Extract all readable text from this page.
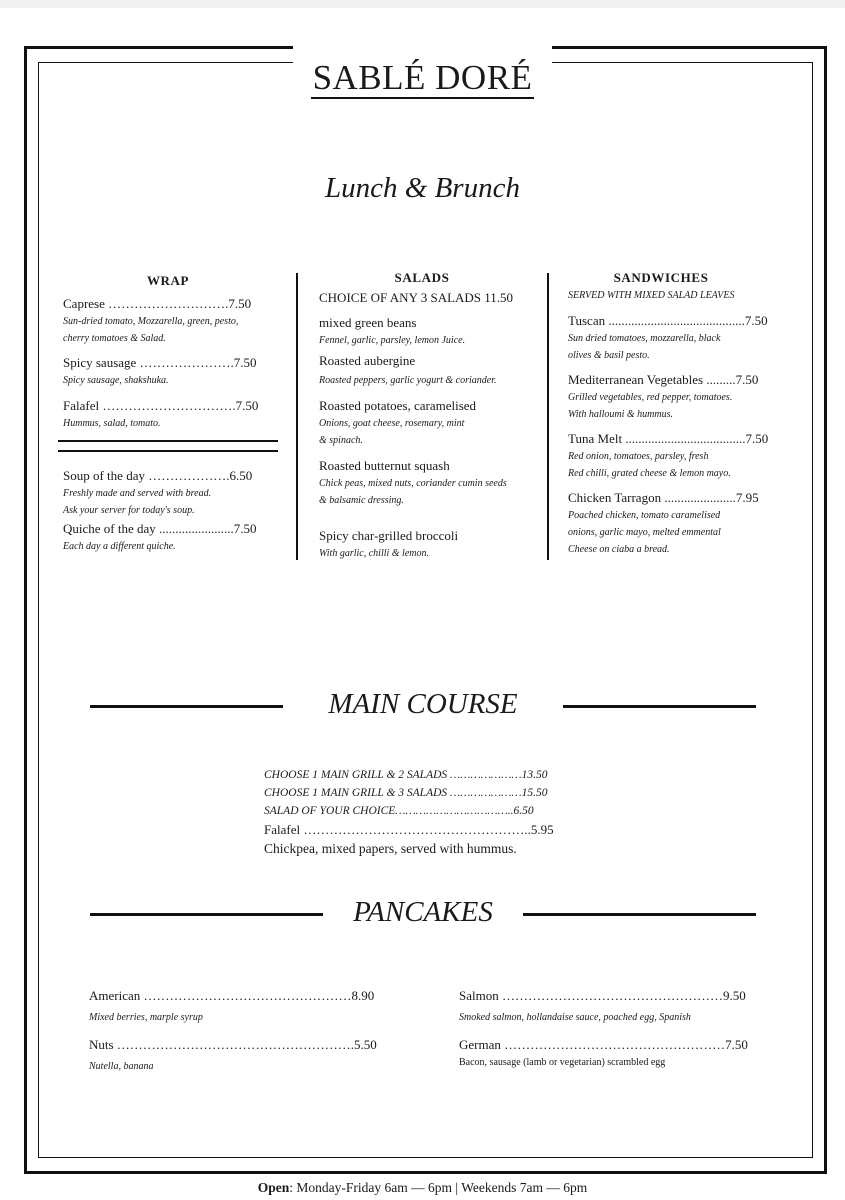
SABLÉ DORÉ
Lunch & Brunch
WRAP
Caprese ……………………….7.50
Sun-dried tomato, Mozzarella, green, pesto,
cherry tomatoes & Salad.
Spicy sausage ………………….7.50
Spicy sausage, shakshuka.
Falafel ………………………….7.50
Hummus, salad, tomato.
Soup of the day ……………….6.50
Freshly made and served with bread.
Ask your server for today's soup.
Quiche of the day .......................7.50
Each day a different quiche.
SALADS
CHOICE OF ANY 3 SALADS 11.50
mixed green beans
Fennel, garlic, parsley, lemon Juice.
Roasted aubergine
Roasted peppers, garlic yogurt & coriander.
Roasted potatoes, caramelised
Onions, goat cheese, rosemary, mint
& spinach.
Roasted butternut squash
Chick peas, mixed nuts, coriander cumin seeds
& balsamic dressing.
Spicy char-grilled broccoli
With garlic, chilli & lemon.
SANDWICHES
SERVED WITH MIXED SALAD LEAVES
Tuscan ..........................................7.50
Sun dried tomatoes, mozzarella, black
olives & basil pesto.
Mediterranean Vegetables .........7.50
Grilled vegetables, red pepper, tomatoes.
With halloumi & hummus.
Tuna Melt .....................................7.50
Red onion, tomatoes, parsley, fresh
Red chilli, grated cheese & lemon mayo.
Chicken Tarragon ......................7.95
Poached chicken, tomato caramelised
onions, garlic mayo, melted emmental
Cheese on ciaba a bread.
MAIN COURSE
CHOOSE 1 MAIN GRILL & 2 SALADS …………………13.50
CHOOSE 1 MAIN GRILL & 3 SALADS …………………15.50
SALAD OF YOUR CHOICE……………………………..6.50
Falafel ……………………………………………..5.95
Chickpea, mixed papers, served with hummus.
PANCAKES
American …………………………………………8.90
Mixed berries, marple syrup
Nuts ……………………………………………….5.50
Nutella, banana
Salmon ……………………………………………9.50
Smoked salmon, hollandaise sauce, poached egg, Spanish
German ……………………………………………7.50
Bacon, sausage (lamb or vegetarian) scrambled egg
Open: Monday-Friday 6am — 6pm | Weekends 7am — 6pm
